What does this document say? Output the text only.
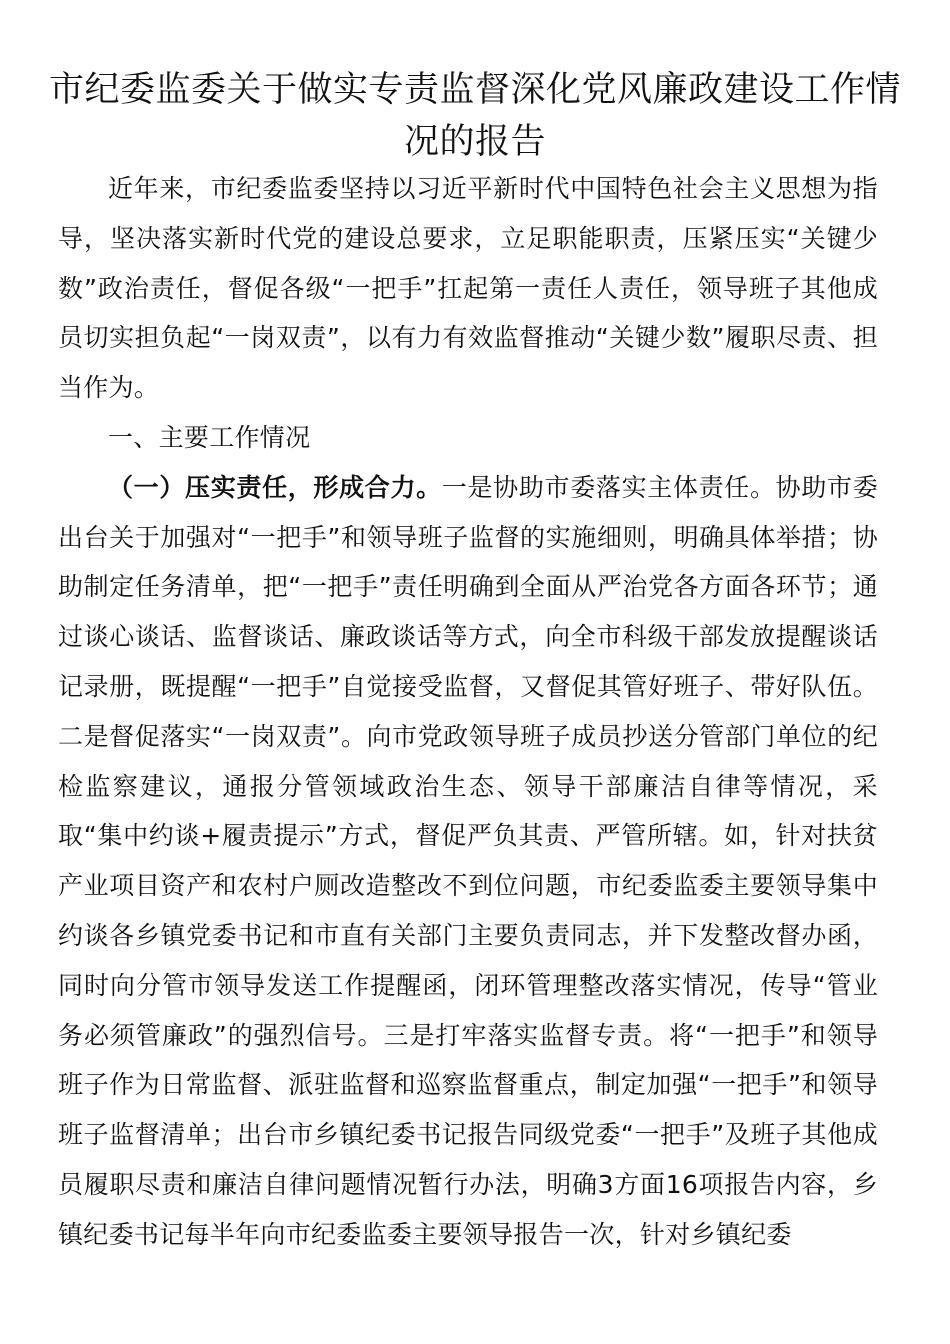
市纪委监委关于做实专责监督深化党风廉政建设工作情况的报告

近年来，市纪委监委坚持以习近平新时代中国特色社会主义思想为指导，坚决落实新时代党的建设总要求，立足职能职责，压紧压实“关键少数”政治责任，督促各级“一把手”扛起第一责任人责任，领导班子其他成员切实担负起“一岗双责”，以有力有效监督推动“关键少数”履职尽责、担当作为。

一、主要工作情况

（一）压实责任，形成合力。一是协助市委落实主体责任。协助市委出台关于加强对“一把手”和领导班子监督的实施细则，明确具体举措；协助制定任务清单，把“一把手”责任明确到全面从严治党各方面各环节；通过谈心谈话、监督谈话、廉政谈话等方式，向全市科级干部发放提醒谈话记录册，既提醒“一把手”自觉接受监督，又督促其管好班子、带好队伍。二是督促落实“一岗双责”。向市党政领导班子成员抄送分管部门单位的纪检监察建议，通报分管领域政治生态、领导干部廉洁自律等情况，采取“集中约谈+履责提示”方式，督促严负其责、严管所辖。如，针对扶贫产业项目资产和农村户厕改造整改不到位问题，市纪委监委主要领导集中约谈各乡镇党委书记和市直有关部门主要负责同志，并下发整改督办函，同时向分管市领导发送工作提醒函，闭环管理整改落实情况，传导“管业务必须管廉政”的强烈信号。三是打牢落实监督专责。将“一把手”和领导班子作为日常监督、派驻监督和巡察监督重点，制定加强“一把手”和领导班子监督清单；出台市乡镇纪委书记报告同级党委“一把手”及班子其他成员履职尽责和廉洁自律问题情况暂行办法，明确3方面16项报告内容，乡镇纪委书记每半年向市纪委监委主要领导报告一次，针对乡镇纪委
